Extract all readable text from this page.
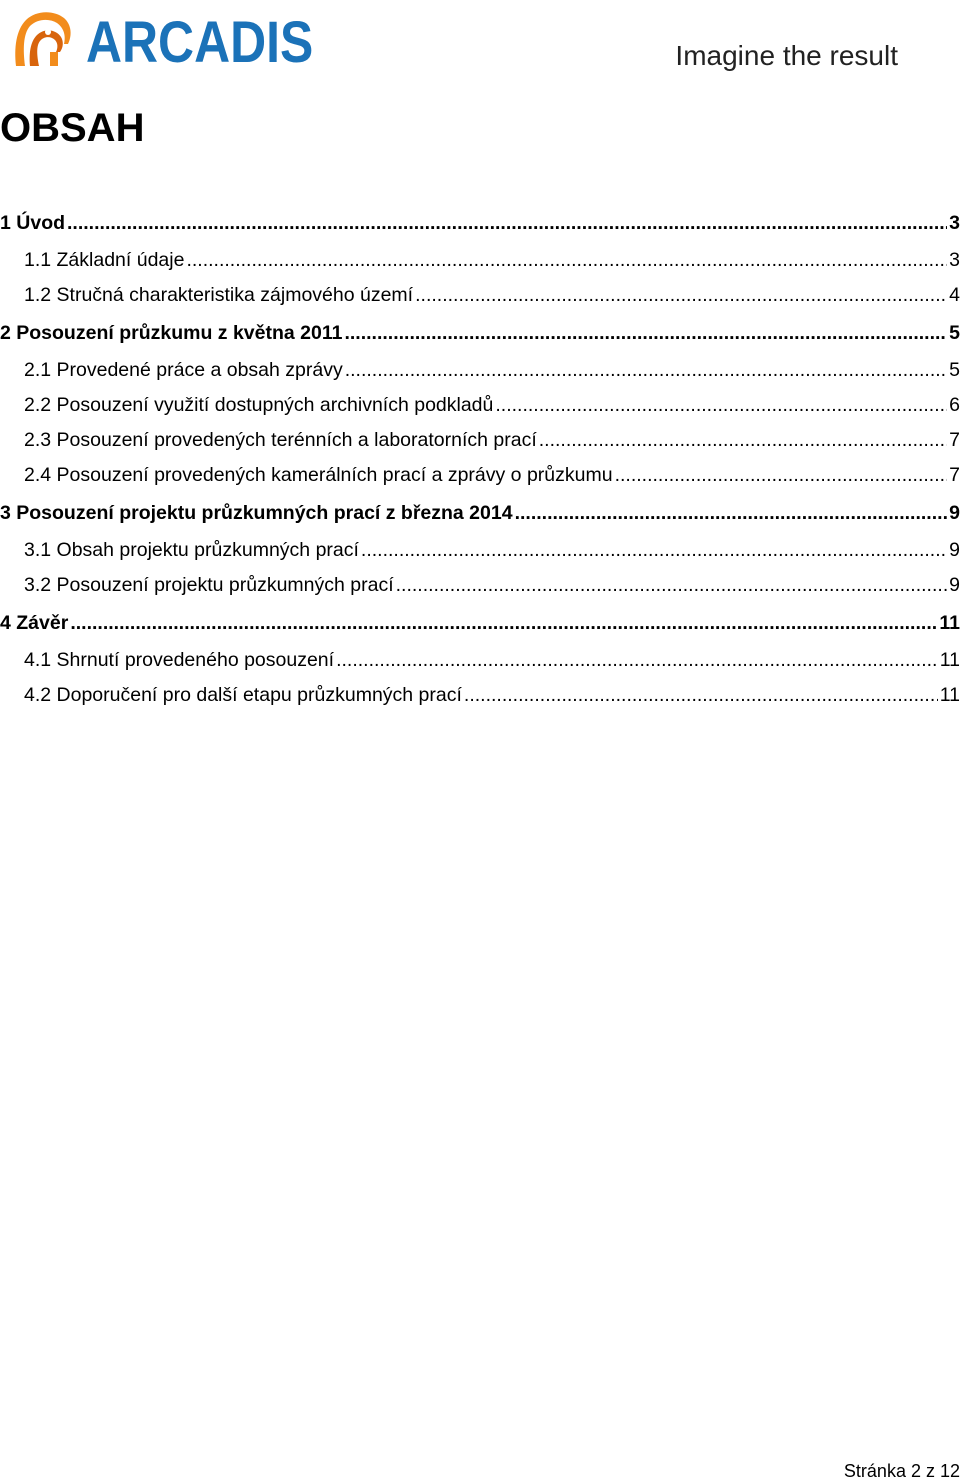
ARCADIS	Imagine the result
OBSAH
1 Úvod .....	3
1.1 Základní údaje .....	3
1.2 Stručná charakteristika zájmového území .....	4
2 Posouzení průzkumu z května 2011 .....	5
2.1 Provedené práce a obsah zprávy .....	5
2.2 Posouzení využití dostupných archivních podkladů .....	6
2.3 Posouzení provedených terénních a laboratorních prací .....	7
2.4 Posouzení provedených kamerálních prací a zprávy o průzkumu .....	7
3 Posouzení projektu průzkumných prací z března 2014 .....	9
3.1 Obsah projektu průzkumných prací .....	9
3.2 Posouzení projektu průzkumných prací .....	9
4 Závěr .....	11
4.1 Shrnutí provedeného posouzení .....	11
4.2 Doporučení pro další etapu průzkumných prací .....	11
Stránka 2 z 12
